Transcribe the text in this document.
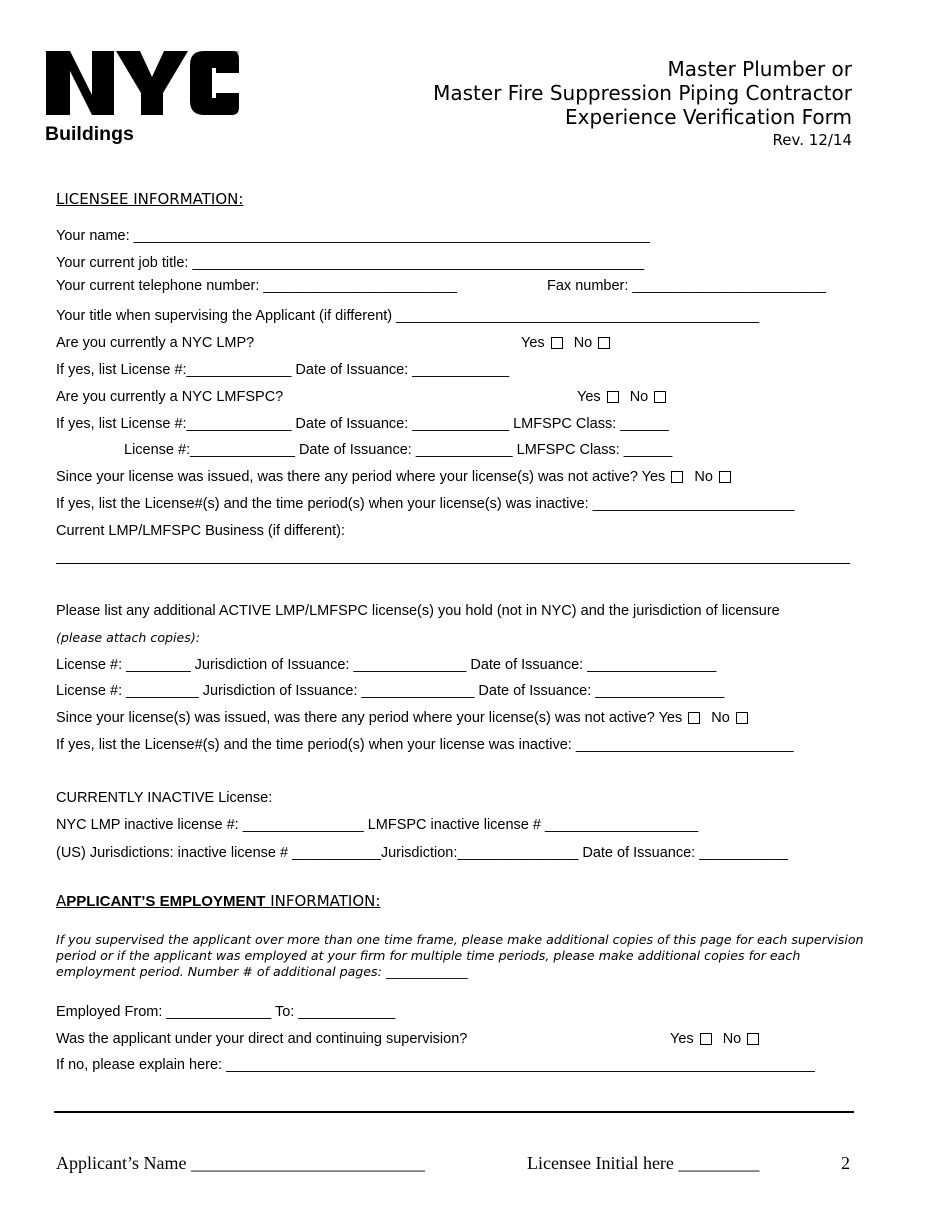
™
Buildings
Master Plumber or
Master Fire Suppression Piping Contractor
Experience Verification Form
Rev. 12/14
LICENSEE INFORMATION:
Your name: ________________________________________________________________
Your current job title: ________________________________________________________
Your current telephone number: ________________________	Fax number: ________________________
Your title when supervising the Applicant (if different) _____________________________________________
Are you currently a NYC LMP?	Yes No
If yes, list License #:_____________ Date of Issuance: ____________
Are you currently a NYC LMFSPC?	Yes No
If yes, list License #:_____________ Date of Issuance: ____________ LMFSPC Class: ______
License #:_____________ Date of Issuance: ____________ LMFSPC Class: ______
Since your license was issued, was there any period where your license(s) was not active? Yes No
If yes, list the License#(s) and the time period(s) when your license(s) was inactive: _________________________
Current LMP/LMFSPC Business (if different):
Please list any additional ACTIVE LMP/LMFSPC license(s) you hold (not in NYC) and the jurisdiction of licensure
(please attach copies):
License #: ________ Jurisdiction of Issuance: ______________ Date of Issuance: ________________
License #: _________ Jurisdiction of Issuance: ______________ Date of Issuance: ________________
Since your license(s) was issued, was there any period where your license(s) was not active? Yes No
If yes, list the License#(s) and the time period(s) when your license was inactive: ___________________________
CURRENTLY INACTIVE License:
NYC LMP inactive license #: _______________ LMFSPC inactive license # ___________________
(US) Jurisdictions: inactive license # ___________Jurisdiction:_______________ Date of Issuance: ___________
APPLICANT’S EMPLOYMENT INFORMATION:
If you supervised the applicant over more than one time frame, please make additional copies of this page for each supervision
period or if the applicant was employed at your firm for multiple time periods, please make additional copies for each
employment period. Number # of additional pages: _____________
Employed From: _____________ To: ____________
Was the applicant under your direct and continuing supervision?	Yes No
If no, please explain here: _________________________________________________________________________
Applicant’s Name __________________________	Licensee Initial here _________	2
